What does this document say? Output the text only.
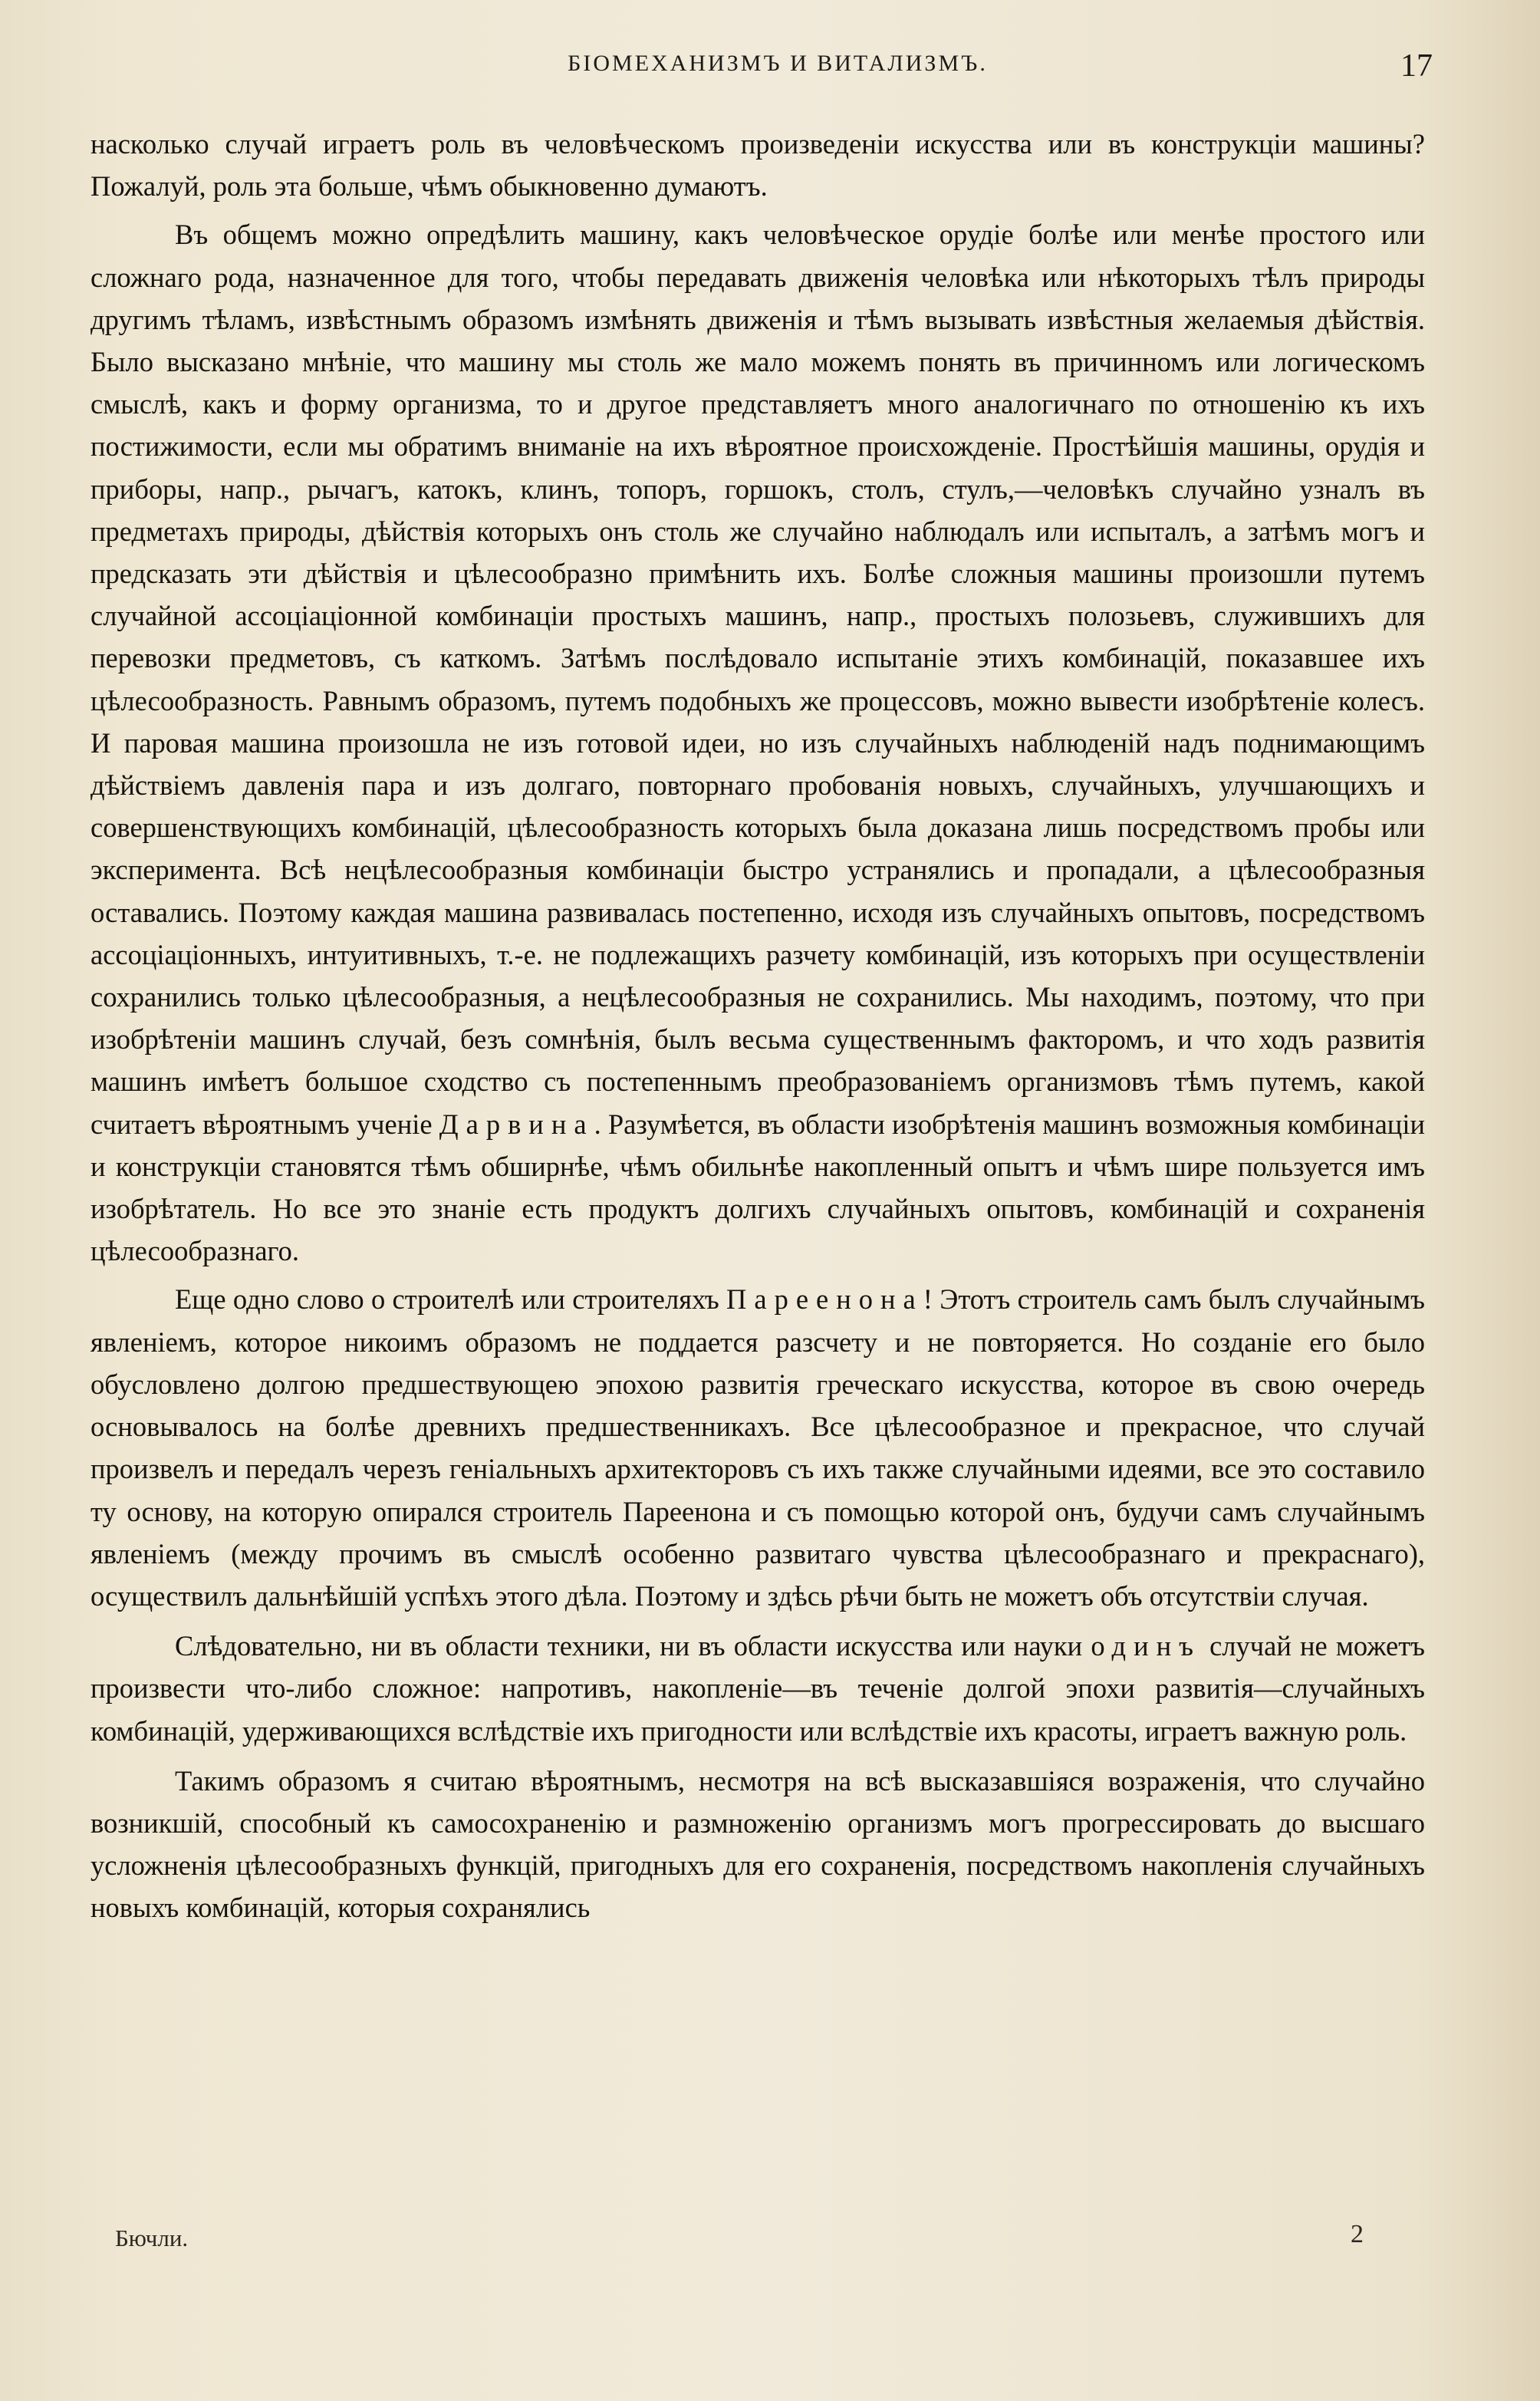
БІОМЕХАНИЗМЪ И ВИТАЛИЗМЪ.	17

насколько случай играетъ роль въ человѣческомъ произведеніи искусства или въ конструкціи машины? Пожалуй, роль эта больше, чѣмъ обыкновенно думаютъ.

Въ общемъ можно опредѣлить машину, какъ человѣческое орудіе болѣе или менѣе простого или сложнаго рода, назначенное для того, чтобы передавать движенія человѣка или нѣкоторыхъ тѣлъ природы другимъ тѣламъ, извѣстнымъ образомъ измѣнять движенія и тѣмъ вызывать извѣстныя желаемыя дѣйствія. Было высказано мнѣніе, что машину мы столь же мало можемъ понять въ причинномъ или логическомъ смыслѣ, какъ и форму организма, то и другое представляетъ много аналогичнаго по отношенію къ ихъ постижимости, если мы обратимъ вниманіе на ихъ вѣроятное происхожденіе. Простѣйшія машины, орудія и приборы, напр., рычагъ, катокъ, клинъ, топоръ, горшокъ, столъ, стулъ,—человѣкъ случайно узналъ въ предметахъ природы, дѣйствія которыхъ онъ столь же случайно наблюдалъ или испыталъ, а затѣмъ могъ и предсказать эти дѣйствія и цѣлесообразно примѣнить ихъ. Болѣе сложныя машины произошли путемъ случайной ассоціаціонной комбинаціи простыхъ машинъ, напр., простыхъ полозьевъ, служившихъ для перевозки предметовъ, съ каткомъ. Затѣмъ послѣдовало испытаніе этихъ комбинацій, показавшее ихъ цѣлесообразность. Равнымъ образомъ, путемъ подобныхъ же процессовъ, можно вывести изобрѣтеніе колесъ. И паровая машина произошла не изъ готовой идеи, но изъ случайныхъ наблюденій надъ поднимающимъ дѣйствіемъ давленія пара и изъ долгаго, повторнаго пробованія новыхъ, случайныхъ, улучшающихъ и совершенствующихъ комбинацій, цѣлесообразность которыхъ была доказана лишь посредствомъ пробы или эксперимента. Всѣ нецѣлесообразныя комбинаціи быстро устранялись и пропадали, а цѣлесообразныя оставались. Поэтому каждая машина развивалась постепенно, исходя изъ случайныхъ опытовъ, посредствомъ ассоціаціонныхъ, интуитивныхъ, т.-е. не подлежащихъ разчету комбинацій, изъ которыхъ при осуществленіи сохранились только цѣлесообразныя, а нецѣлесообразныя не сохранились. Мы находимъ, поэтому, что при изобрѣтеніи машинъ случай, безъ сомнѣнія, былъ весьма существеннымъ факторомъ, и что ходъ развитія машинъ имѣетъ большое сходство съ постепеннымъ преобразованіемъ организмовъ тѣмъ путемъ, какой считаетъ вѣроятнымъ ученіе Дарвина. Разумѣется, въ области изобрѣтенія машинъ возможныя комбинаціи и конструкціи становятся тѣмъ обширнѣе, чѣмъ обильнѣе накопленный опытъ и чѣмъ шире пользуется имъ изобрѣтатель. Но все это знаніе есть продуктъ долгихъ случайныхъ опытовъ, комбинацій и сохраненія цѣлесообразнаго.

Еще одно слово о строителѣ или строителяхъ Пареенона! Этотъ строитель самъ былъ случайнымъ явленіемъ, которое никоимъ образомъ не поддается разсчету и не повторяется. Но созданіе его было обусловлено долгою предшествующею эпохою развитія греческаго искусства, которое въ свою очередь основывалось на болѣе древнихъ предшественникахъ. Все цѣлесообразное и прекрасное, что случай произвелъ и передалъ черезъ геніальныхъ архитекторовъ съ ихъ также случайными идеями, все это составило ту основу, на которую опирался строитель Пареенона и съ помощью которой онъ, будучи самъ случайнымъ явленіемъ (между прочимъ въ смыслѣ особенно развитаго чувства цѣлесообразнаго и прекраснаго), осуществилъ дальнѣйшій успѣхъ этого дѣла. Поэтому и здѣсь рѣчи быть не можетъ объ отсутствіи случая.

Слѣдовательно, ни въ области техники, ни въ области искусства или науки одинъ случай не можетъ произвести что-либо сложное: напротивъ, накопленіе—въ теченіе долгой эпохи развитія—случайныхъ комбинацій, удерживающихся вслѣдствіе ихъ пригодности или вслѣдствіе ихъ красоты, играетъ важную роль.

Такимъ образомъ я считаю вѣроятнымъ, несмотря на всѣ высказавшіяся возраженія, что случайно возникшій, способный къ самосохраненію и размноженію организмъ могъ прогрессировать до высшаго усложненія цѣлесообразныхъ функцій, пригодныхъ для его сохраненія, посредствомъ накопленія случайныхъ новыхъ комбинацій, которыя сохранялись

Бючли.	2
